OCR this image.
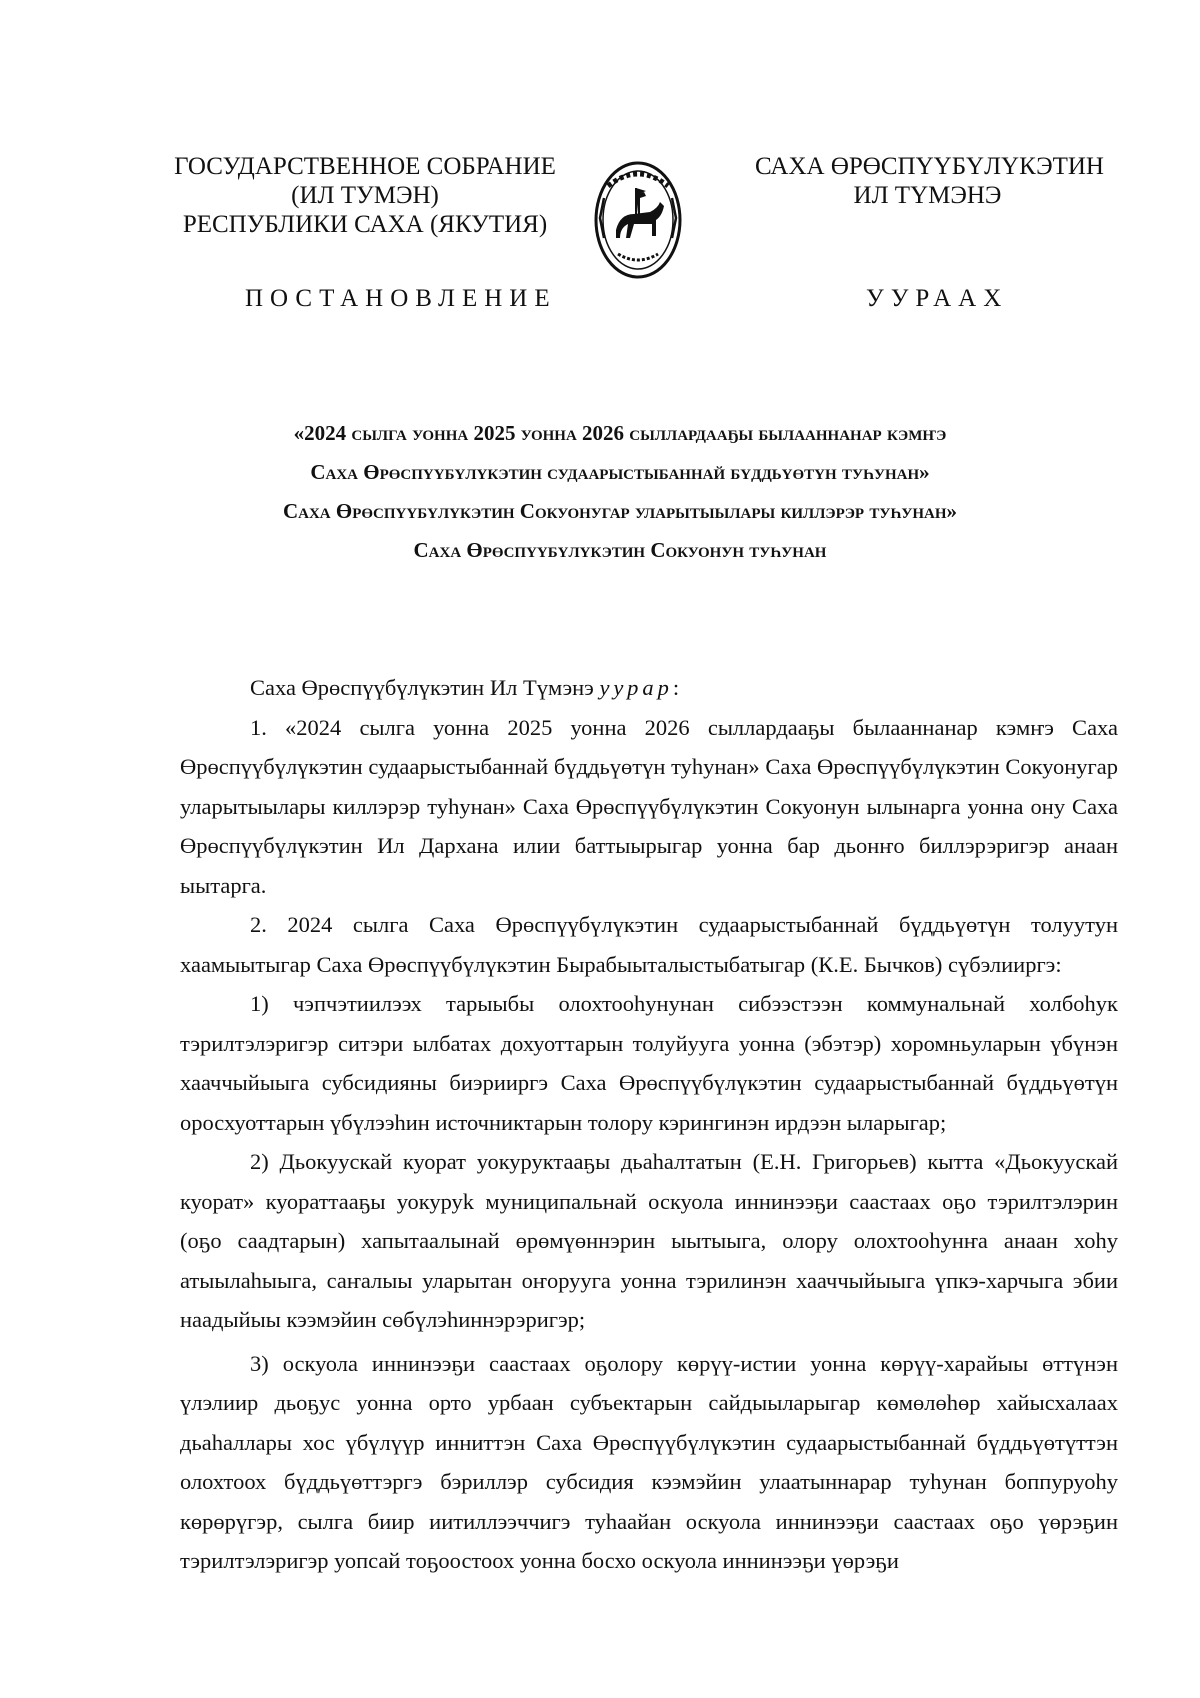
ГОСУДАРСТВЕННОЕ СОБРАНИЕ
(ИЛ ТУМЭН)
РЕСПУБЛИКИ САХА (ЯКУТИЯ)
САХА ӨРӨСПҮҮБҮЛҮКЭТИН
ИЛ ТҮМЭНЭ
ПОСТАНОВЛЕНИЕ	УУРААХ
«2024 сылга уонна 2025 уонна 2026 сыллардааҕы былааннанар кэмҥэ
Саха Өрөспүүбүлүкэтин судаарыстыбаннай бүддьүөтүн туһунан»
Саха Өрөспүүбүлүкэтин Сокуонугар уларытыылары киллэрэр туһунан»
Саха Өрөспүүбүлүкэтин Сокуонун туһунан

Саха Өрөспүүбүлүкэтин Ил Түмэнэ уурар:

1. «2024 сылга уонна 2025 уонна 2026 сыллардааҕы былааннанар кэмҥэ Саха Өрөспүүбүлүкэтин судаарыстыбаннай бүддьүөтүн туһунан» Саха Өрөспүүбүлүкэтин Сокуонугар уларытыылары киллэрэр туһунан» Саха Өрөспүүбүлүкэтин Сокуонун ылынарга уонна ону Саха Өрөспүүбүлүкэтин Ил Дархана илии баттыырыгар уонна бар дьонҥо биллэрэригэр анаан ыытарга.

2. 2024 сылга Саха Өрөспүүбүлүкэтин судаарыстыбаннай бүддьүөтүн толуутун хаамыытыгар Саха Өрөспүүбүлүкэтин Бырабыыталыстыбатыгар (К.Е. Бычков) сүбэлииргэ:

1) чэпчэтиилээх тарыыбы олохтооһунунан сибээстээн коммунальнай холбоһук тэрилтэлэригэр ситэри ылбатах дохуоттарын толуйууга уонна (эбэтэр) хоромньуларын үбүнэн хааччыйыыга субсидияны биэрииргэ Саха Өрөспүүбүлүкэтин судаарыстыбаннай бүддьүөтүн оросхуоттарын үбүлээһин источниктарын толору кэрингинэн ирдээн ыларыгар;

2) Дьокуускай куорат уокуруктааҕы дьаһалтатын (Е.Н. Григорьев) кытта «Дьокуускай куорат» куораттааҕы уокуруk муниципальнай оскуола иннинээҕи саастаах оҕо тэрилтэлэрин (оҕо саадтарын) хапытаалынай өрөмүөннэрин ыытыыга, олору олохтооһунҥа анаан хоһу атыылаһыыга, саҥалыы уларытан оҥорууга уонна тэрилинэн хааччыйыыга үпкэ-харчыга эбии наадыйыы кээмэйин сөбүлэһиннэрэригэр;

3) оскуола иннинээҕи саастаах оҕолору көрүү-истии уонна көрүү-харайыы өттүнэн үлэлиир дьоҕус уонна орто урбаан субъектарын сайдыыларыгар көмөлөһөр хайысхалаах дьаһаллары хос үбүлүүр инниттэн Саха Өрөспүүбүлүкэтин судаарыстыбаннай бүддьүөтүттэн олохтоох бүддьүөттэргэ бэриллэр субсидия кээмэйин улаатыннарар туһунан боппуруоһу көрөрүгэр, сылга биир иитиллээччигэ туһаайан оскуола иннинээҕи саастаах оҕо үөрэҕин тэрилтэлэригэр уопсай тоҕоостоох уонна босхо оскуола иннинээҕи үөрэҕи
